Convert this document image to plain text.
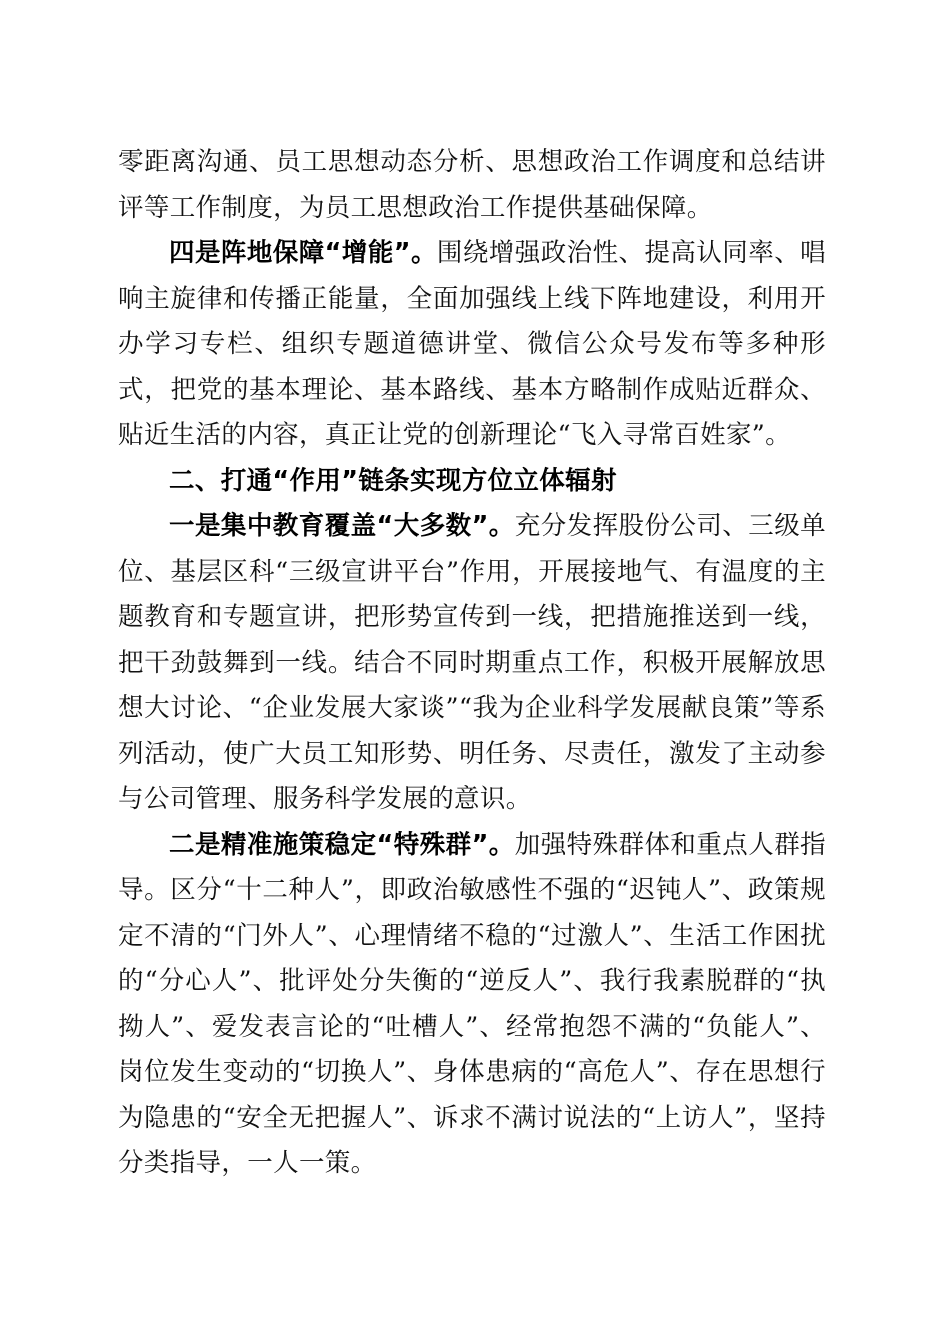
零距离沟通、员工思想动态分析、思想政治工作调度和总结讲评等工作制度，为员工思想政治工作提供基础保障。

四是阵地保障“增能”。围绕增强政治性、提高认同率、唱响主旋律和传播正能量，全面加强线上线下阵地建设，利用开办学习专栏、组织专题道德讲堂、微信公众号发布等多种形式，把党的基本理论、基本路线、基本方略制作成贴近群众、贴近生活的内容，真正让党的创新理论“飞入寻常百姓家”。

二、打通“作用”链条实现方位立体辐射

一是集中教育覆盖“大多数”。充分发挥股份公司、三级单位、基层区科“三级宣讲平台”作用，开展接地气、有温度的主题教育和专题宣讲，把形势宣传到一线，把措施推送到一线，把干劲鼓舞到一线。结合不同时期重点工作，积极开展解放思想大讨论、“企业发展大家谈”“我为企业科学发展献良策”等系列活动，使广大员工知形势、明任务、尽责任，激发了主动参与公司管理、服务科学发展的意识。

二是精准施策稳定“特殊群”。加强特殊群体和重点人群指导。区分“十二种人”，即政治敏感性不强的“迟钝人”、政策规定不清的“门外人”、心理情绪不稳的“过激人”、生活工作困扰的“分心人”、批评处分失衡的“逆反人”、我行我素脱群的“执拗人”、爱发表言论的“吐槽人”、经常抱怨不满的“负能人”、岗位发生变动的“切换人”、身体患病的“高危人”、存在思想行为隐患的“安全无把握人”、诉求不满讨说法的“上访人”，坚持分类指导，一人一策。
